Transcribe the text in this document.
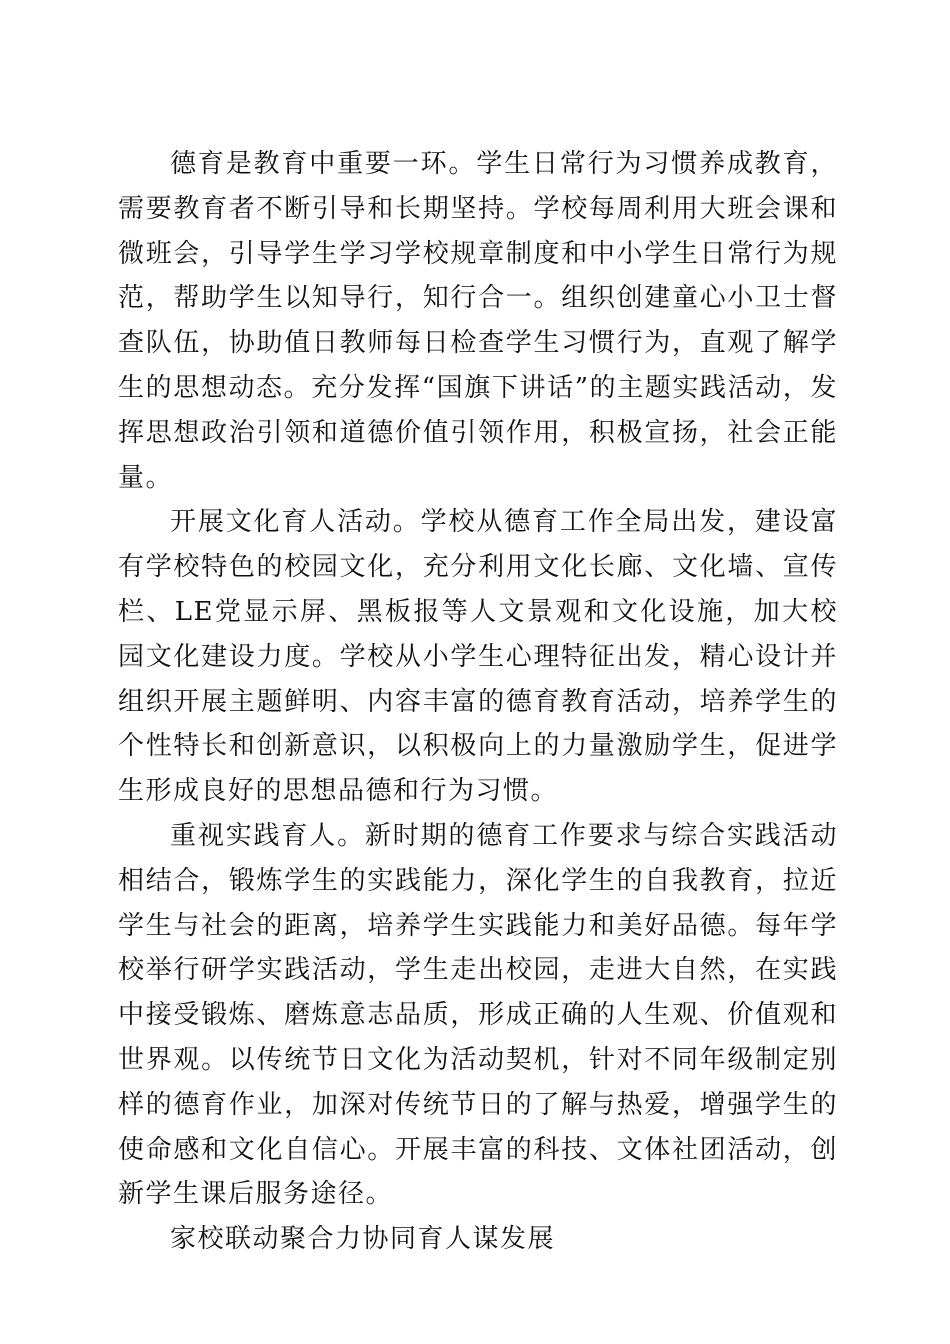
德育是教育中重要一环。学生日常行为习惯养成教育，需要教育者不断引导和长期坚持。学校每周利用大班会课和微班会，引导学生学习学校规章制度和中小学生日常行为规范，帮助学生以知导行，知行合一。组织创建童心小卫士督查队伍，协助值日教师每日检查学生习惯行为，直观了解学生的思想动态。充分发挥“国旗下讲话”的主题实践活动，发挥思想政治引领和道德价值引领作用，积极宣扬，社会正能量。

开展文化育人活动。学校从德育工作全局出发，建设富有学校特色的校园文化，充分利用文化长廊、文化墙、宣传栏、LE党显示屏、黑板报等人文景观和文化设施，加大校园文化建设力度。学校从小学生心理特征出发，精心设计并组织开展主题鲜明、内容丰富的德育教育活动，培养学生的个性特长和创新意识，以积极向上的力量激励学生，促进学生形成良好的思想品德和行为习惯。

重视实践育人。新时期的德育工作要求与综合实践活动相结合，锻炼学生的实践能力，深化学生的自我教育，拉近学生与社会的距离，培养学生实践能力和美好品德。每年学校举行研学实践活动，学生走出校园，走进大自然，在实践中接受锻炼、磨炼意志品质，形成正确的人生观、价值观和世界观。以传统节日文化为活动契机，针对不同年级制定别样的德育作业，加深对传统节日的了解与热爱，增强学生的使命感和文化自信心。开展丰富的科技、文体社团活动，创新学生课后服务途径。

家校联动聚合力协同育人谋发展
